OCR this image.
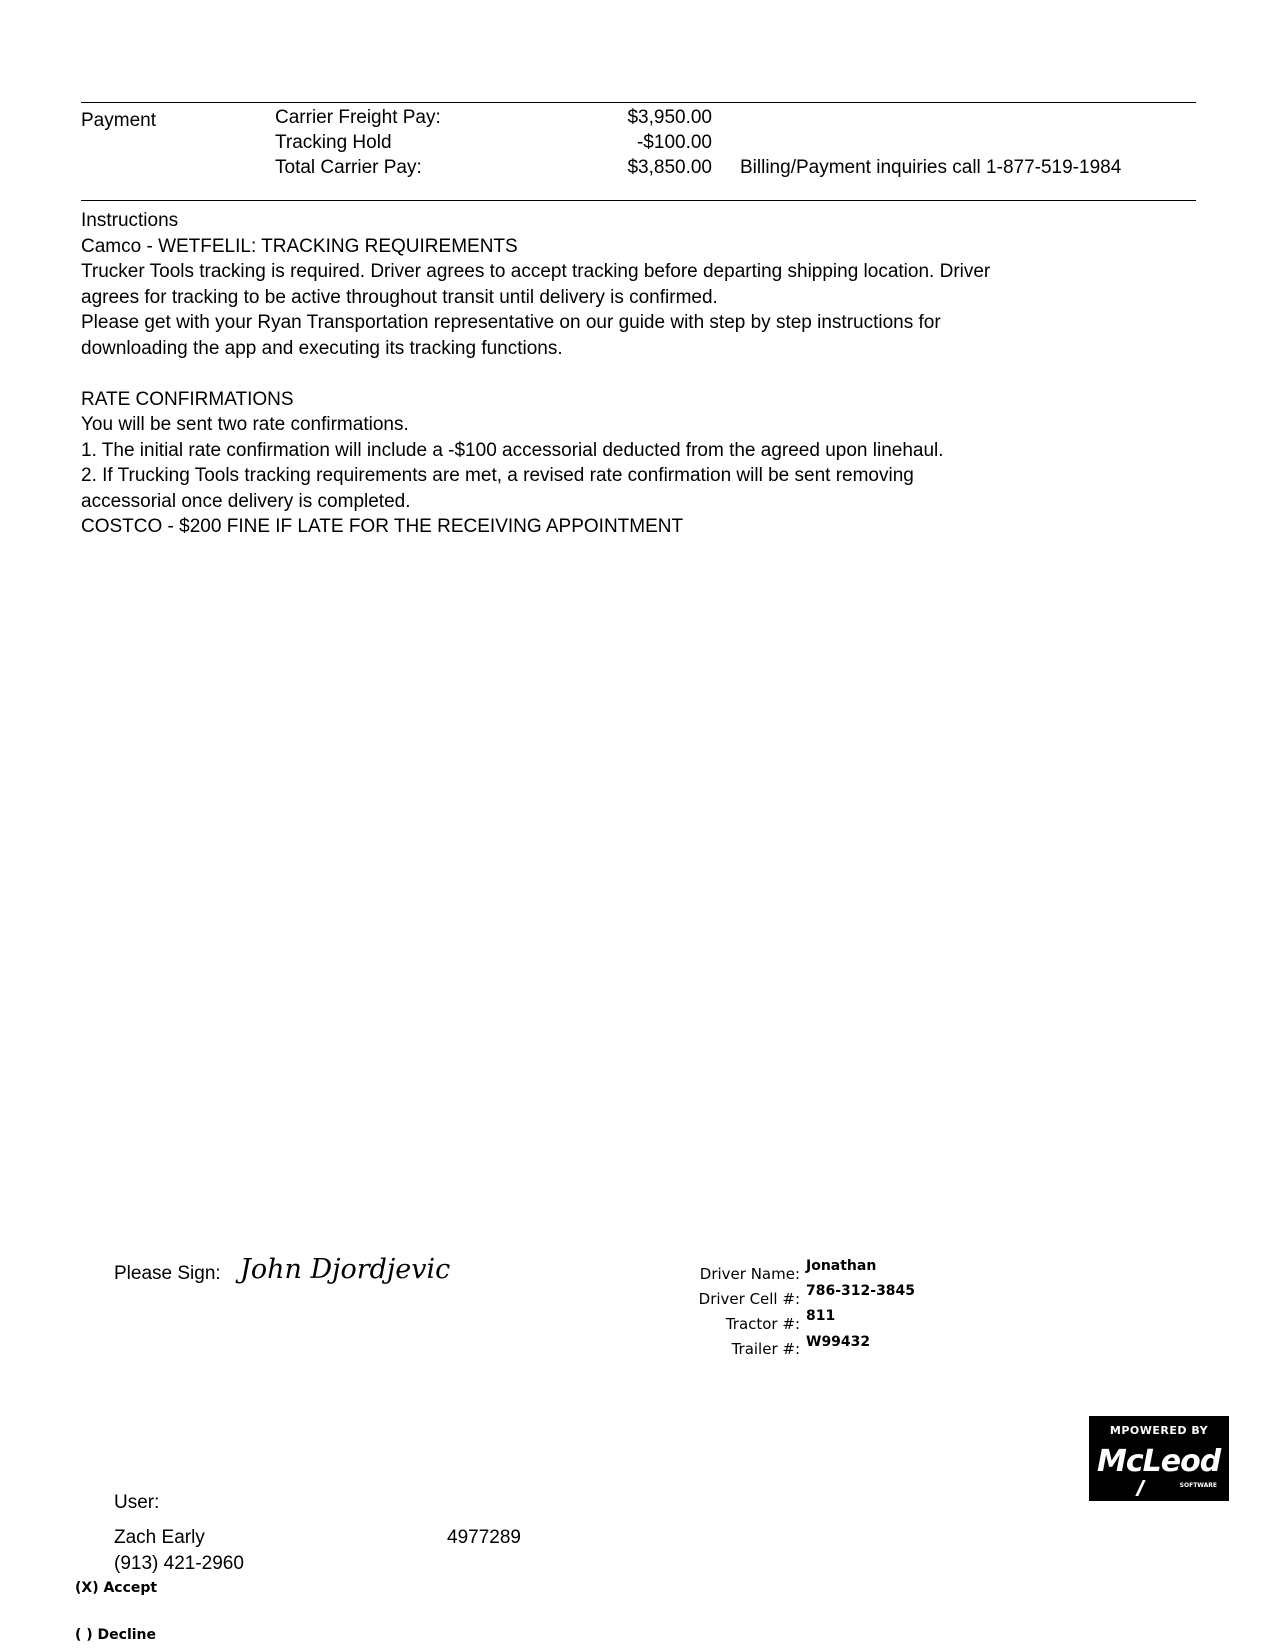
Payment	Carrier Freight Pay:	$3,950.00
Tracking Hold	-$100.00
Total Carrier Pay:	$3,850.00 Billing/Payment inquiries call 1-877-519-1984
Instructions
Camco - WETFELIL: TRACKING REQUIREMENTS
Trucker Tools tracking is required. Driver agrees to accept tracking before departing shipping location. Driver
agrees for tracking to be active throughout transit until delivery is confirmed.
Please get with your Ryan Transportation representative on our guide with step by step instructions for
downloading the app and executing its tracking functions.
RATE CONFIRMATIONS
You will be sent two rate confirmations.
1. The initial rate confirmation will include a -$100 accessorial deducted from the agreed upon linehaul.
2. If Trucking Tools tracking requirements are met, a revised rate confirmation will be sent removing
accessorial once delivery is completed.
COSTCO - $200 FINE IF LATE FOR THE RECEIVING APPOINTMENT
Please Sign: John Djordjevic	Driver Name: Jonathan
Driver Cell #: 786-312-3845
Tractor #: 811
Trailer #: W99432
MPOWERED BY
McLeod
SOFTWARE
User:
Zach Early
(913) 421-2960
4977289
(X) Accept
( ) Decline
